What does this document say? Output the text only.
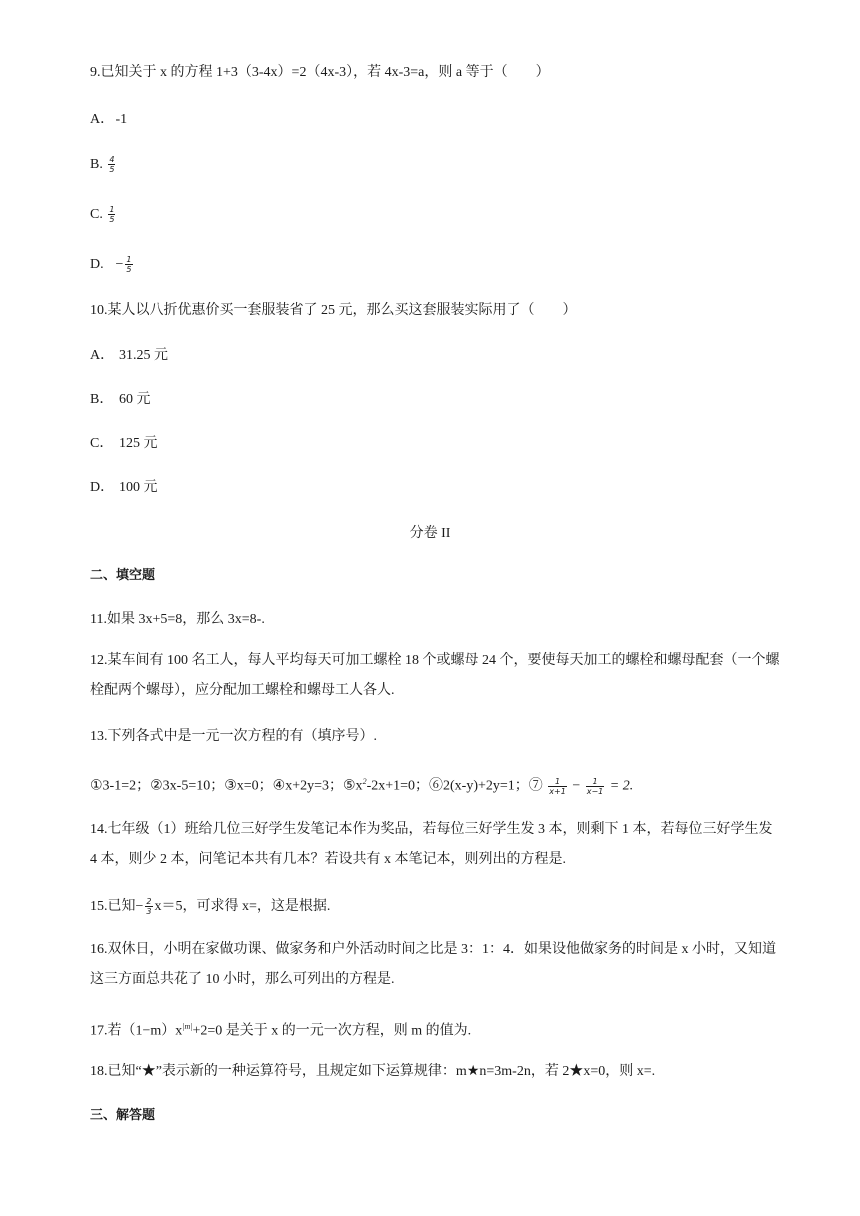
9.已知关于 x 的方程 1+3（3-4x）=2（4x-3），若 4x-3=a，则 a 等于（　　）
A． -1
B. $\frac{4}{5}$
C. $\frac{1}{5}$
D. − $\frac{1}{5}$
10.某人以八折优惠价买一套服装省了 25 元，那么买这套服装实际用了（　　）
A． 31.25 元
B． 60 元
C． 125 元
D． 100 元
分卷 II
二、填空题
11.如果 3x+5=8，那么 3x=8-.
12.某车间有 100 名工人，每人平均每天可加工螺栓 18 个或螺母 24 个，要使每天加工的螺栓和螺母配套（一个螺栓配两个螺母），应分配加工螺栓和螺母工人各人.
13.下列各式中是一元一次方程的有（填序号）.
①3-1=2；②3x-5=10；③x=0；④x+2y=3；$⑤x^2-2x+1=0$；⑥2(x-y)+2y=1；⑦ $\frac{1}{x+1} - \frac{1}{x-1} = 2$.
14.七年级（1）班给几位三好学生发笔记本作为奖品，若每位三好学生发 3 本，则剩下 1 本，若每位三好学生发 4 本，则少 2 本，问笔记本共有几本？若设共有 x 本笔记本，则列出的方程是.
15.已知− $\frac{2}{3} x=5$，可求得 x=，这是根据.
16.双休日，小明在家做功课、做家务和户外活动时间之比是 3：1：4．如果设他做家务的时间是 x 小时，又知道这三方面总共花了 10 小时，那么可列出的方程是.
17.若$(1-m)x^{|m|}+2=0$ 是关于 x 的一元一次方程，则 m 的值为.
18.已知“★”表示新的一种运算符号，且规定如下运算规律：m★n=3m-2n，若 2★x=0，则 x=.
三、解答题
